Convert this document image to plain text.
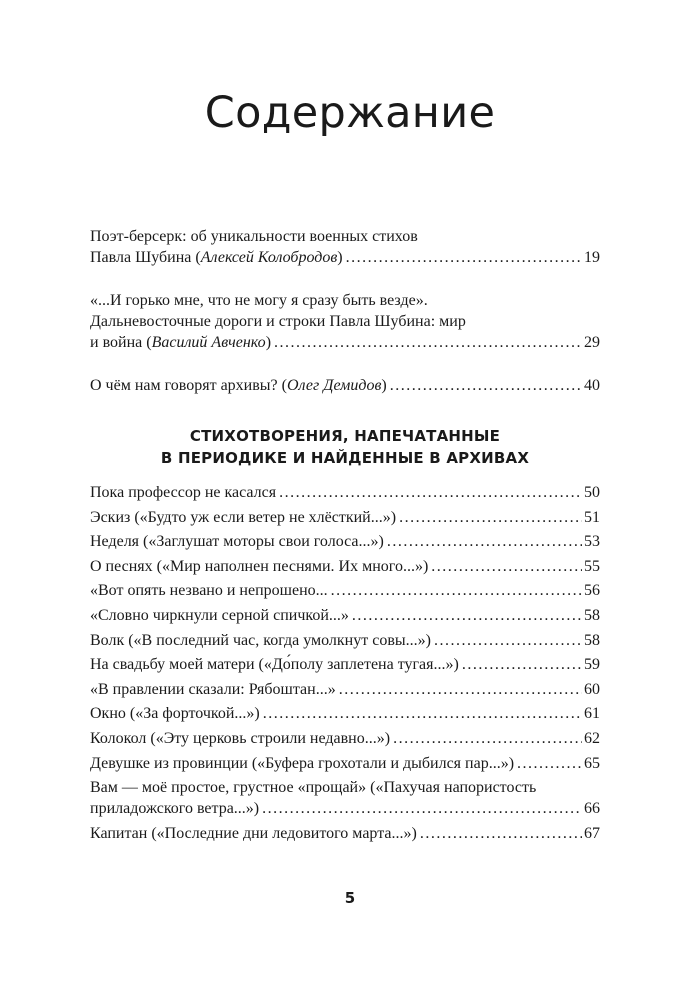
Содержание
Поэт-берсерк: об уникальности военных стихов
Павла Шубина (Алексей Колобродов) .....	19
«...И горько мне, что не могу я сразу быть везде».
Дальневосточные дороги и строки Павла Шубина: мир
и война (Василий Авченко) .....	29
О чём нам говорят архивы? (Олег Демидов) .....	40
СТИХОТВОРЕНИЯ, НАПЕЧАТАННЫЕ
В ПЕРИОДИКЕ И НАЙДЕННЫЕ В АРХИВАХ
Пока профессор не касался .....	50
Эскиз («Будто уж если ветер не хлёсткий...») .....	51
Неделя («Заглушат моторы свои голоса...») .....	53
О песнях («Мир наполнен песнями. Их много...») .....	55
«Вот опять незвано и непрошено... .....	56
«Словно чиркнули серной спичкой...» .....	58
Волк («В последний час, когда умолкнут совы...») .....	58
На свадьбу моей матери («До́полу заплетена тугая...») .....	59
«В правлении сказали: Рябоштан...» .....	60
Окно («За форточкой...») .....	61
Колокол («Эту церковь строили недавно...») .....	62
Девушке из провинции («Буфера грохотали и дыбился пар...») .....	65
Вам — моё простое, грустное «прощай» («Пахучая напористость
приладожского ветра...») .....	66
Капитан («Последние дни ледовитого марта...») .....	67
5
